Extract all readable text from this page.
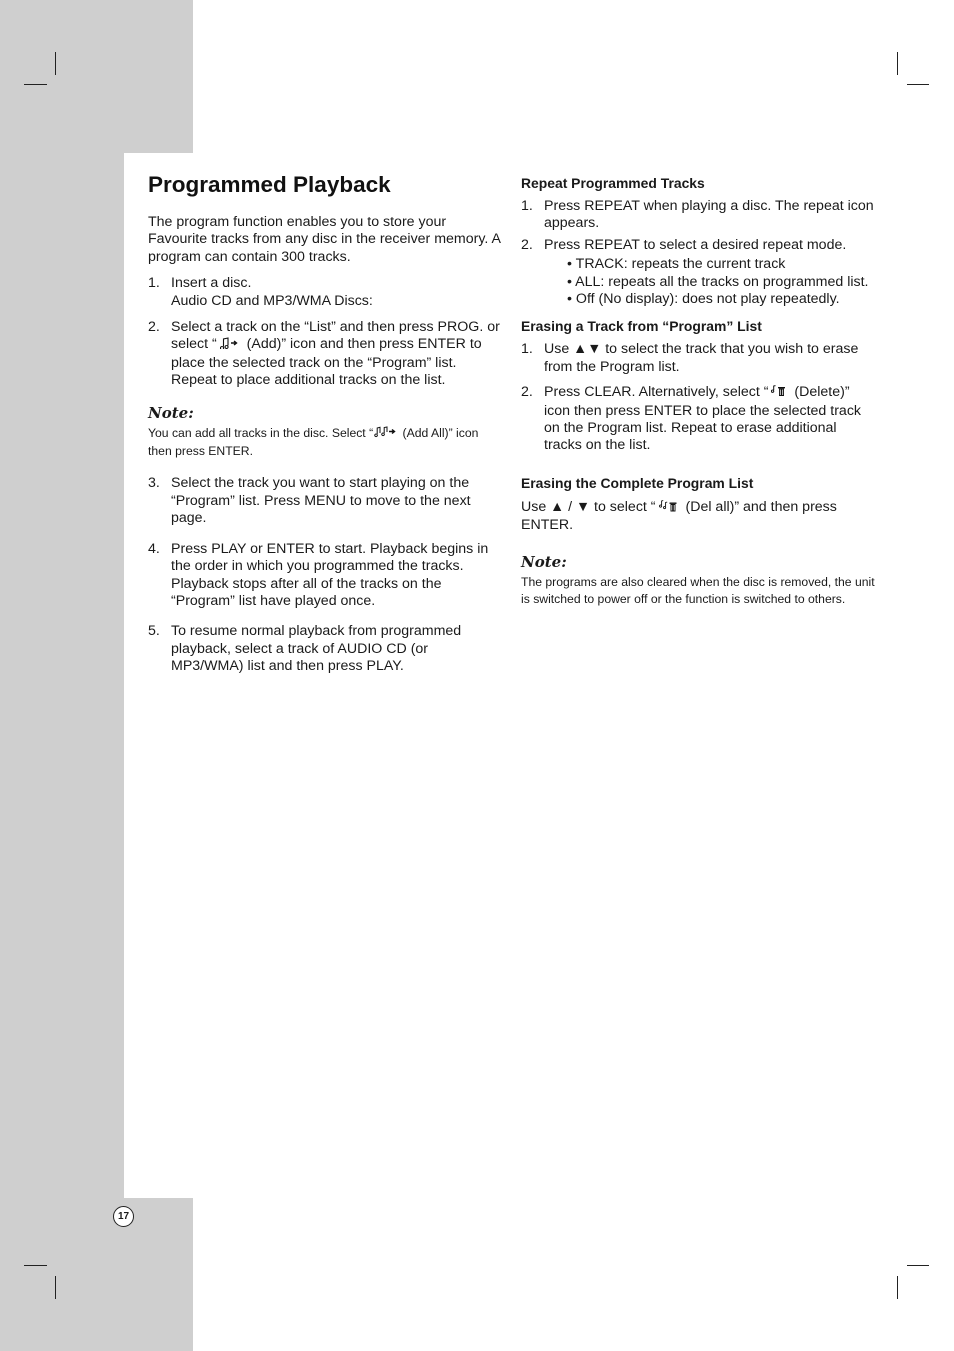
17
Programmed Playback

The program function enables you to store your Favourite tracks from any disc in the receiver memory. A program can contain 300 tracks.

1. Insert a disc.
Audio CD and MP3/WMA Discs:
2. Select a track on the “List” and then press PROG. or select “ (Add)” icon and then press ENTER to place the selected track on the “Program” list. Repeat to place additional tracks on the list.

Note:

You can add all tracks in the disc. Select “ (Add All)” icon then press ENTER.

3. Select the track you want to start playing on the “Program” list. Press MENU to move to the next page.
4. Press PLAY or ENTER to start. Playback begins in the order in which you programmed the tracks. Playback stops after all of the tracks on the “Program” list have played once.
5. To resume normal playback from programmed playback, select a track of AUDIO CD (or MP3/WMA) list and then press PLAY.

Repeat Programmed Tracks

1. Press REPEAT when playing a disc. The repeat icon appears.
2. Press REPEAT to select a desired repeat mode.
• TRACK: repeats the current track
• ALL: repeats all the tracks on programmed list.
• Off (No display): does not play repeatedly.

Erasing a Track from “Program” List

1. Use ▲▼ to select the track that you wish to erase from the Program list.
2. Press CLEAR. Alternatively, select “ (Delete)” icon then press ENTER to place the selected track on the Program list. Repeat to erase additional tracks on the list.

Erasing the Complete Program List

Use ▲ / ▼ to select “ (Del all)” and then press ENTER.

Note:

The programs are also cleared when the disc is removed, the unit is switched to power off or the function is switched to others.
